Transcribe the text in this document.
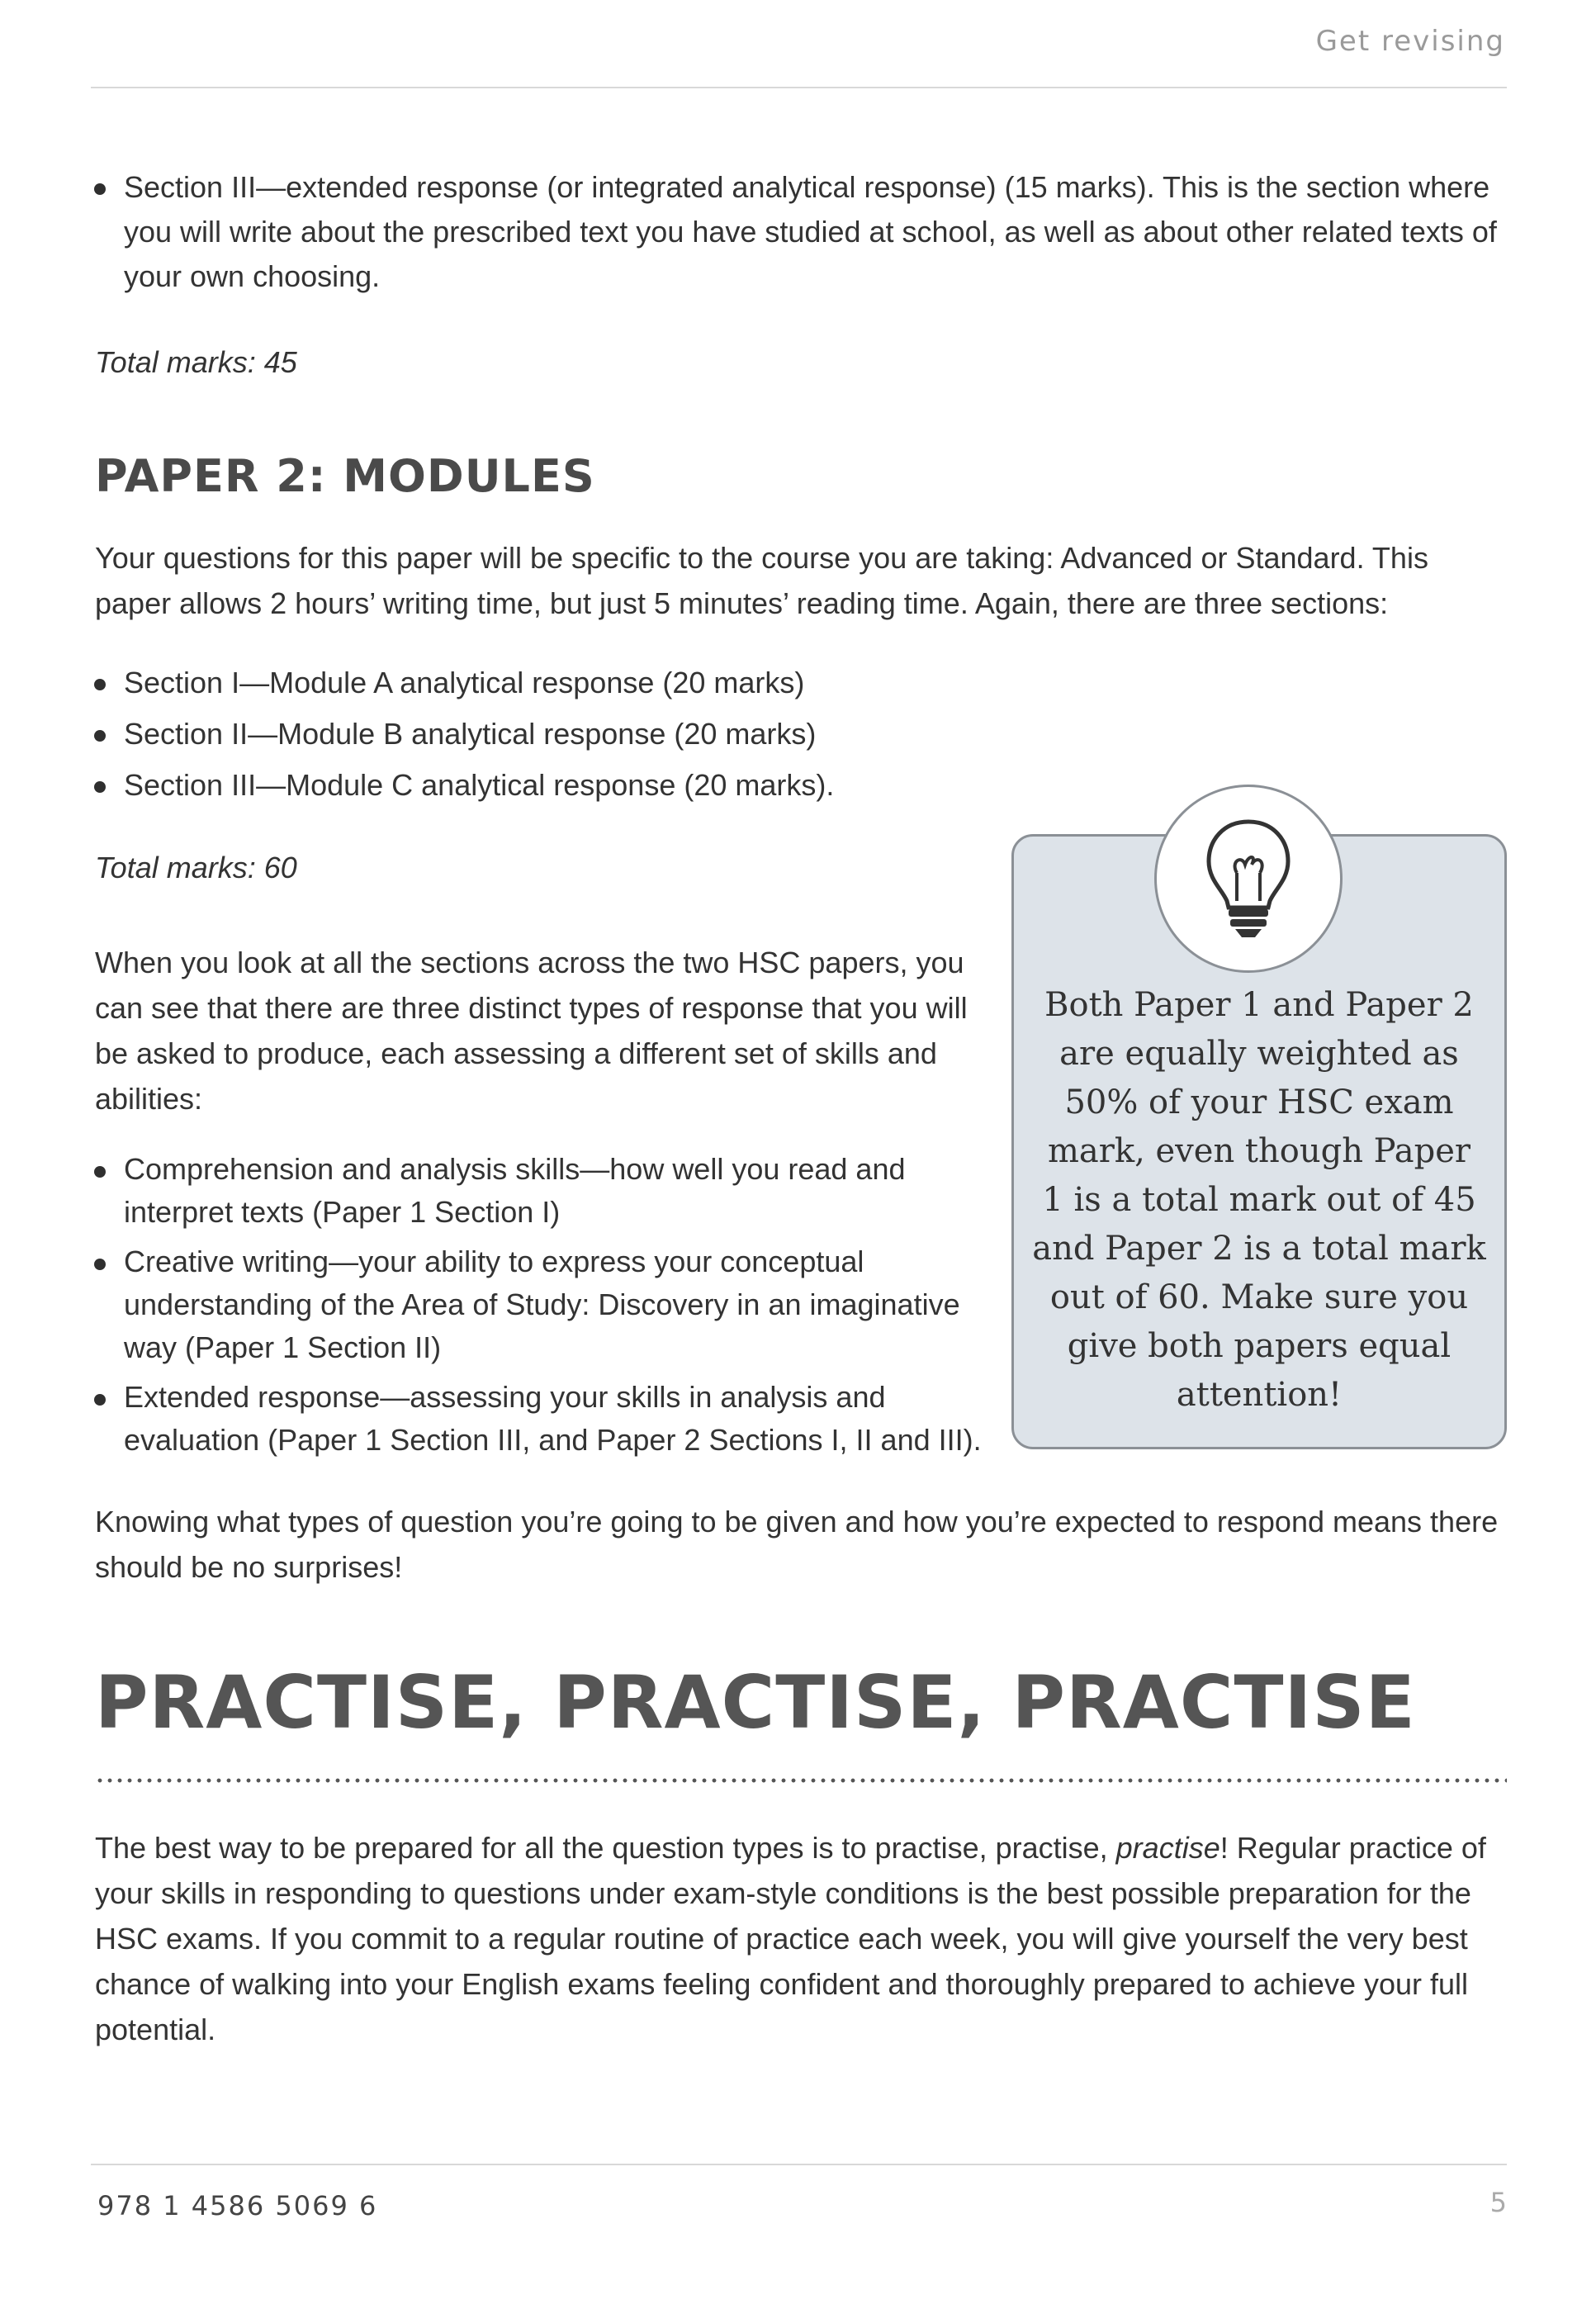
Get revising
Section III—extended response (or integrated analytical response) (15 marks). This is the section where you will write about the prescribed text you have studied at school, as well as about other related texts of your own choosing.
Total marks: 45
PAPER 2: MODULES
Your questions for this paper will be specific to the course you are taking: Advanced or Standard. This paper allows 2 hours’ writing time, but just 5 minutes’ reading time. Again, there are three sections:
Section I—Module A analytical response (20 marks)
Section II—Module B analytical response (20 marks)
Section III—Module C analytical response (20 marks).
Total marks: 60
When you look at all the sections across the two HSC papers, you can see that there are three distinct types of response that you will be asked to produce, each assessing a different set of skills and abilities:
Comprehension and analysis skills—how well you read and interpret texts (Paper 1 Section I)
Creative writing—your ability to express your conceptual understanding of the Area of Study: Discovery in an imaginative way (Paper 1 Section II)
Extended response—assessing your skills in analysis and evaluation (Paper 1 Section III, and Paper 2 Sections I, II and III).
Both Paper 1 and Paper 2 are equally weighted as 50% of your HSC exam mark, even though Paper 1 is a total mark out of 45 and Paper 2 is a total mark out of 60. Make sure you give both papers equal attention!
Knowing what types of question you’re going to be given and how you’re expected to respond means there should be no surprises!
PRACTISE, PRACTISE, PRACTISE
The best way to be prepared for all the question types is to practise, practise, practise! Regular practice of your skills in responding to questions under exam-style conditions is the best possible preparation for the HSC exams. If you commit to a regular routine of practice each week, you will give yourself the very best chance of walking into your English exams feeling confident and thoroughly prepared to achieve your full potential.
978 1 4586 5069 6	5
